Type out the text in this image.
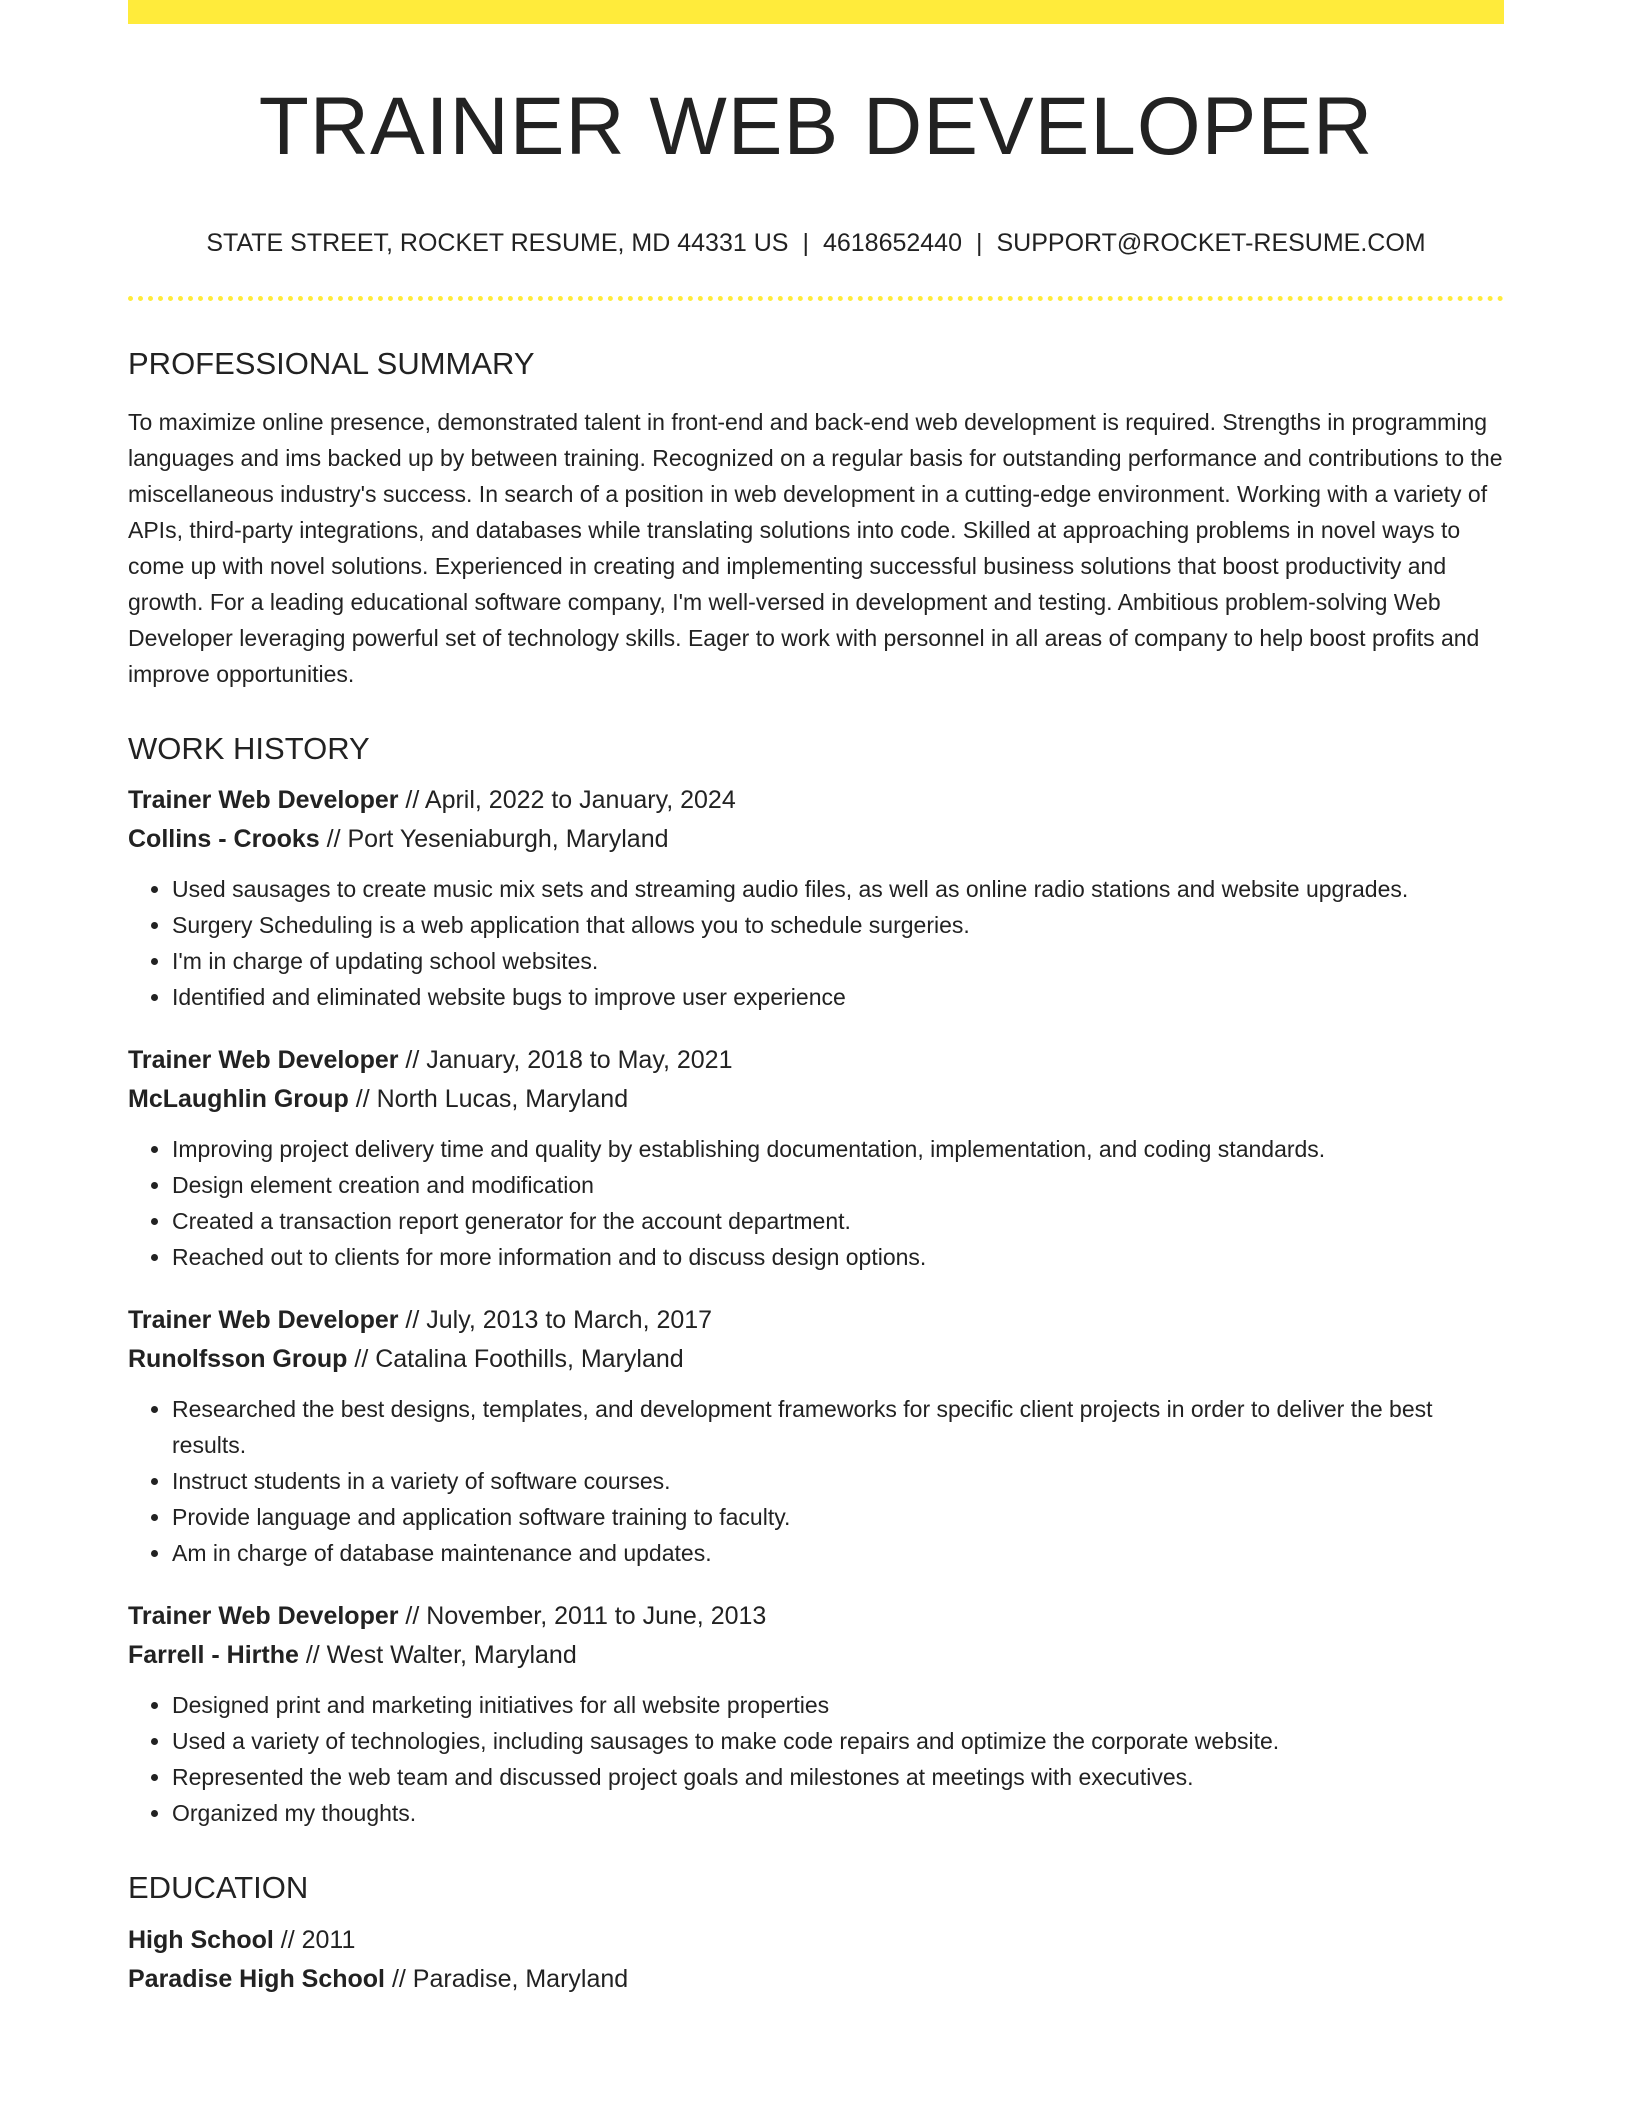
TRAINER WEB DEVELOPER
STATE STREET, ROCKET RESUME, MD 44331 US | 4618652440 | SUPPORT@ROCKET-RESUME.COM
PROFESSIONAL SUMMARY

To maximize online presence, demonstrated talent in front-end and back-end web development is required. Strengths in programming languages and ims backed up by between training. Recognized on a regular basis for outstanding performance and contributions to the miscellaneous industry's success. In search of a position in web development in a cutting-edge environment. Working with a variety of APIs, third-party integrations, and databases while translating solutions into code. Skilled at approaching problems in novel ways to come up with novel solutions. Experienced in creating and implementing successful business solutions that boost productivity and growth. For a leading educational software company, I'm well-versed in development and testing. Ambitious problem-solving Web Developer leveraging powerful set of technology skills. Eager to work with personnel in all areas of company to help boost profits and improve opportunities.

WORK HISTORY
Trainer Web Developer // April, 2022 to January, 2024
Collins - Crooks // Port Yeseniaburgh, Maryland
• Used sausages to create music mix sets and streaming audio files, as well as online radio stations and website upgrades.
• Surgery Scheduling is a web application that allows you to schedule surgeries.
• I'm in charge of updating school websites.
• Identified and eliminated website bugs to improve user experience
Trainer Web Developer // January, 2018 to May, 2021
McLaughlin Group // North Lucas, Maryland
• Improving project delivery time and quality by establishing documentation, implementation, and coding standards.
• Design element creation and modification
• Created a transaction report generator for the account department.
• Reached out to clients for more information and to discuss design options.
Trainer Web Developer // July, 2013 to March, 2017
Runolfsson Group // Catalina Foothills, Maryland
• Researched the best designs, templates, and development frameworks for specific client projects in order to deliver the best results.
• Instruct students in a variety of software courses.
• Provide language and application software training to faculty.
• Am in charge of database maintenance and updates.
Trainer Web Developer // November, 2011 to June, 2013
Farrell - Hirthe // West Walter, Maryland
• Designed print and marketing initiatives for all website properties
• Used a variety of technologies, including sausages to make code repairs and optimize the corporate website.
• Represented the web team and discussed project goals and milestones at meetings with executives.
• Organized my thoughts.
EDUCATION
High School // 2011
Paradise High School // Paradise, Maryland
